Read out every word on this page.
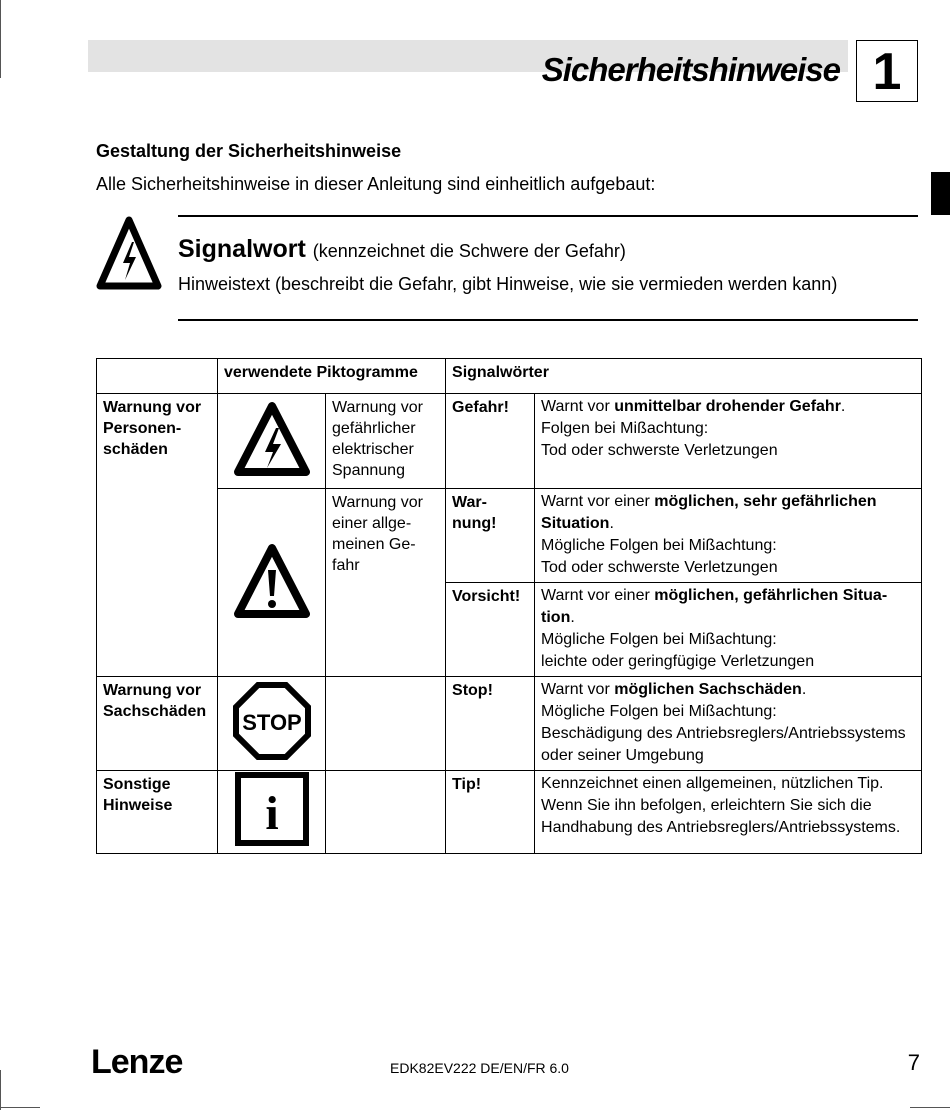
Sicherheitshinweise 1
Gestaltung der Sicherheitshinweise
Alle Sicherheitshinweise in dieser Anleitung sind einheitlich aufgebaut:
Signalwort (kennzeichnet die Schwere der Gefahr)
Hinweistext (beschreibt die Gefahr, gibt Hinweise, wie sie vermieden werden kann)
	verwendete Piktogramme		Signalwörter	
Warnung vor Personen-schäden		Warnung vor gefährlicher elektrischer Spannung	Gefahr!	Warnt vor unmittelbar drohender Gefahr.
Folgen bei Mißachtung:
Tod oder schwerste Verletzungen

	Warnung vor einer allge-meinen Ge-fahr	War-nung!	Warnt vor einer möglichen, sehr gefährlichen Situation.
Mögliche Folgen bei Mißachtung:
Tod oder schwerste Verletzungen

			Vorsicht!	Warnt vor einer möglichen, gefährlichen Situa-tion.
Mögliche Folgen bei Mißachtung:
leichte oder geringfügige Verletzungen

Warnung vor Sachschäden	STOP		Stop!	Warnt vor möglichen Sachschäden.
Mögliche Folgen bei Mißachtung:
Beschädigung des Antriebsreglers/Antriebssystems oder seiner Umgebung

Sonstige Hinweise	i		Tip!	Kennzeichnet einen allgemeinen, nützlichen Tip.
Wenn Sie ihn befolgen, erleichtern Sie sich die Handhabung des Antriebsreglers/Antriebssystems.
Lenze	EDK82EV222 DE/EN/FR 6.0	7
